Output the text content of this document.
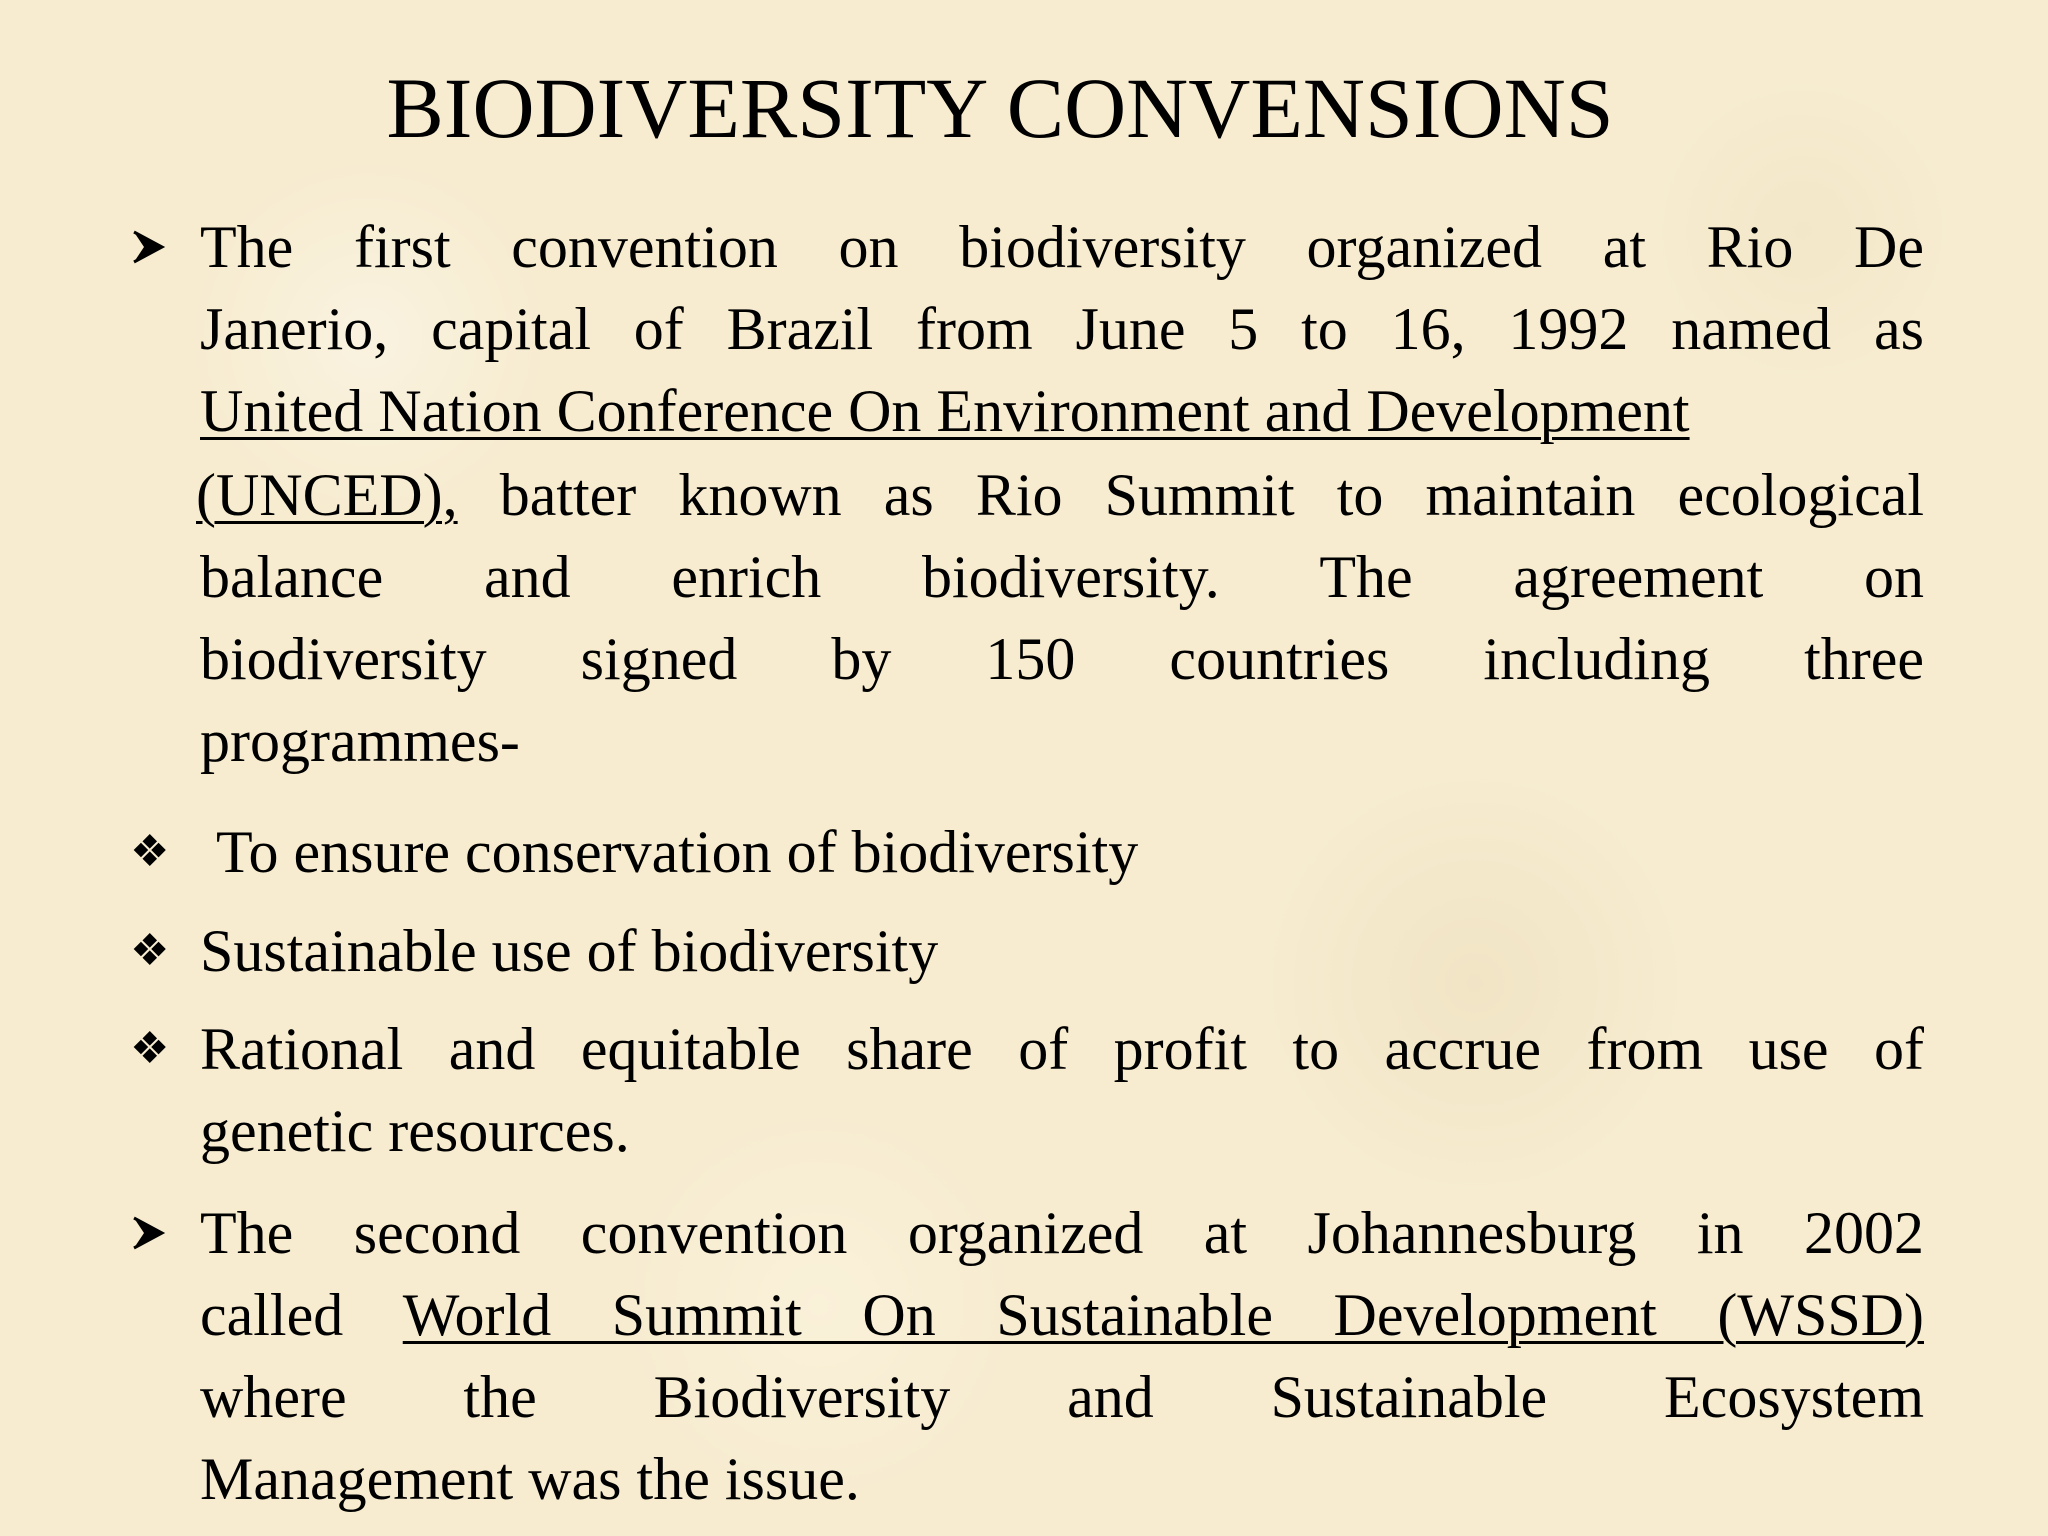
BIODIVERSITY CONVENSIONS
The first convention on biodiversity organized at Rio De
Janerio, capital of Brazil from June 5 to 16, 1992 named as
United Nation Conference On Environment and Development
(UNCED), batter known as Rio Summit to maintain ecological
balance and enrich biodiversity. The agreement on
biodiversity signed by 150 countries including three
programmes-
❖ To ensure conservation of biodiversity
❖ Sustainable use of biodiversity
❖ Rational and equitable share of profit to accrue from use of
genetic resources.
The second convention organized at Johannesburg in 2002
called World Summit On Sustainable Development (WSSD)
where the Biodiversity and Sustainable Ecosystem
Management was the issue.
